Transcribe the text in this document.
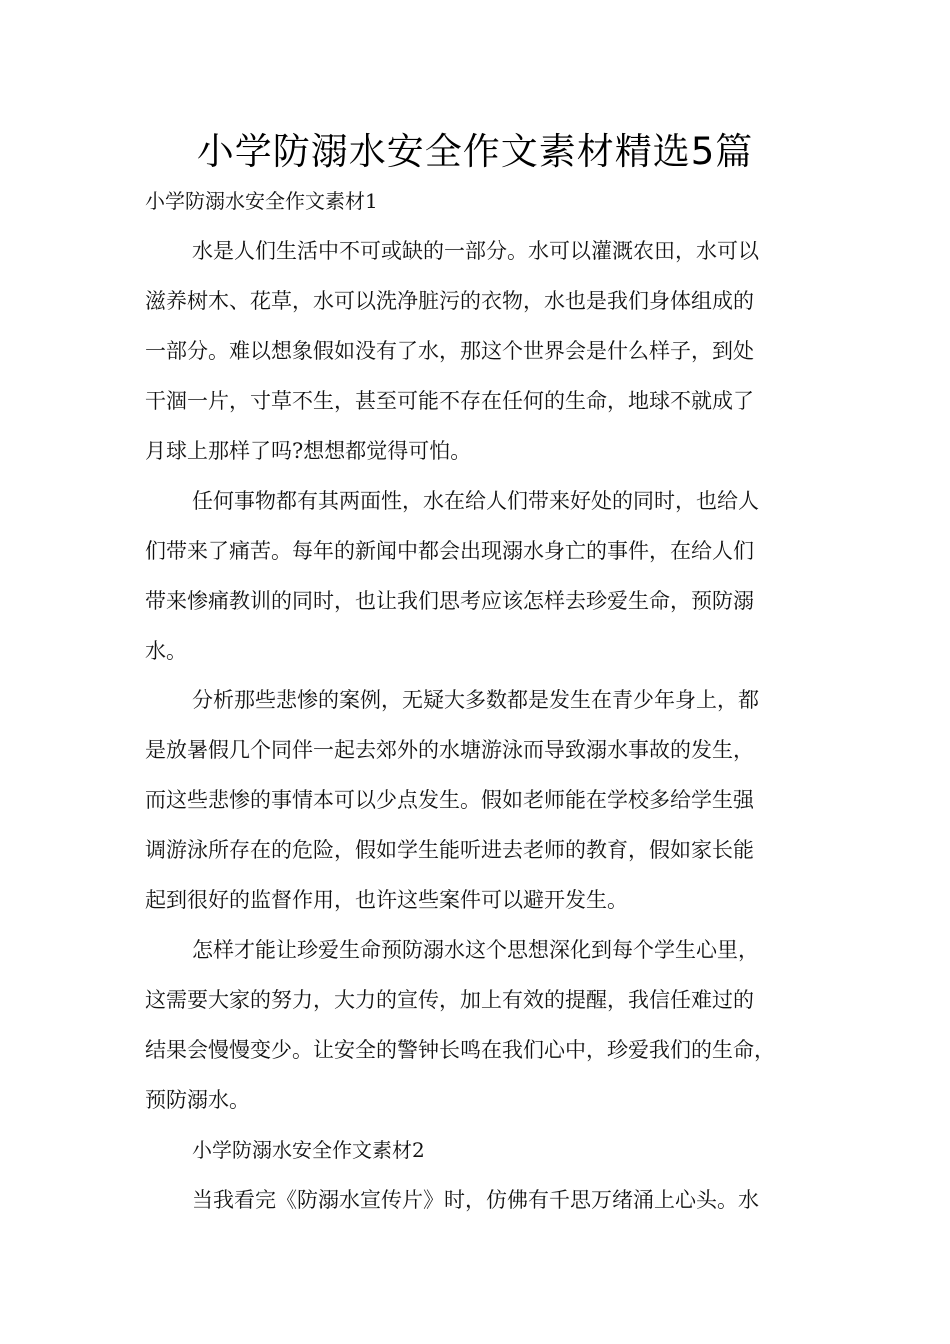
小学防溺水安全作文素材精选5篇

小学防溺水安全作文素材1

水是人们生活中不可或缺的一部分。水可以灌溉农田，水可以

滋养树木、花草，水可以洗净脏污的衣物，水也是我们身体组成的

一部分。难以想象假如没有了水，那这个世界会是什么样子，到处

干涸一片，寸草不生，甚至可能不存在任何的生命，地球不就成了

月球上那样了吗?想想都觉得可怕。

任何事物都有其两面性，水在给人们带来好处的同时，也给人

们带来了痛苦。每年的新闻中都会出现溺水身亡的事件，在给人们

带来惨痛教训的同时，也让我们思考应该怎样去珍爱生命，预防溺

水。

分析那些悲惨的案例，无疑大多数都是发生在青少年身上，都

是放暑假几个同伴一起去郊外的水塘游泳而导致溺水事故的发生，

而这些悲惨的事情本可以少点发生。假如老师能在学校多给学生强

调游泳所存在的危险，假如学生能听进去老师的教育，假如家长能

起到很好的监督作用，也许这些案件可以避开发生。

怎样才能让珍爱生命预防溺水这个思想深化到每个学生心里，

这需要大家的努力，大力的宣传，加上有效的提醒，我信任难过的

结果会慢慢变少。让安全的警钟长鸣在我们心中，珍爱我们的生命，

预防溺水。

小学防溺水安全作文素材2

当我看完《防溺水宣传片》时，仿佛有千思万绪涌上心头。水
